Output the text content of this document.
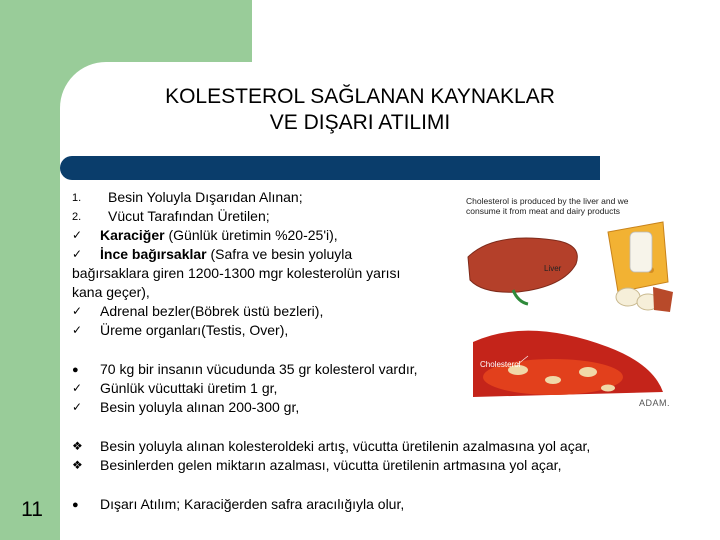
KOLESTEROL SAĞLANAN KAYNAKLAR
VE DIŞARI ATILIMI
11
1. Besin Yoluyla Dışarıdan Alınan;
2. Vücut Tarafından Üretilen;
✓ Karaciğer (Günlük üretimin %20-25'i),
✓ İnce bağırsaklar (Safra ve besin yoluyla
bağırsaklara giren 1200-1300 mgr kolesterolün yarısı
kana geçer),
✓ Adrenal bezler(Böbrek üstü bezleri),
✓ Üreme organları(Testis, Over),
● 70 kg bir insanın vücudunda 35 gr kolesterol vardır,
✓ Günlük vücuttaki üretim 1 gr,
✓ Besin yoluyla alınan 200-300 gr,
❖ Besin yoluyla alınan kolesteroldeki artış, vücutta üretilenin azalmasına yol açar,
❖ Besinlerden gelen miktarın azalması, vücutta üretilenin artmasına yol açar,
● Dışarı Atılım; Karaciğerden safra aracılığıyla olur,
Cholesterol is produced by the liver and we consume it from meat and dairy products
Liver
Cholesterol
ADAM.
